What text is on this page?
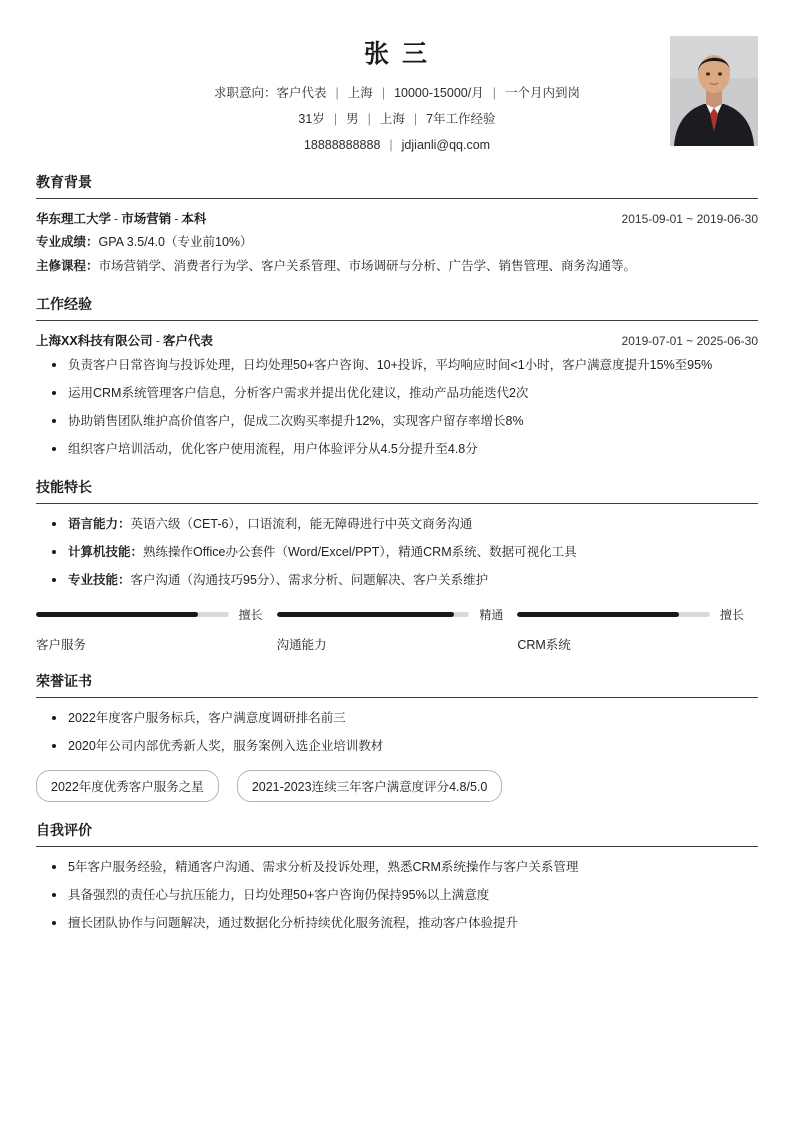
张 三
求职意向：客户代表 | 上海 | 10000-15000/月 | 一个月内到岗
31岁 | 男 | 上海 | 7年工作经验
18888888888 | jdjianli@qq.com
教育背景
华东理工大学 - 市场营销 - 本科	2015-09-01 ~ 2019-06-30
专业成绩：GPA 3.5/4.0（专业前10%）
主修课程：市场营销学、消费者行为学、客户关系管理、市场调研与分析、广告学、销售管理、商务沟通等。
工作经验
上海XX科技有限公司 - 客户代表	2019-07-01 ~ 2025-06-30
负责客户日常咨询与投诉处理，日均处理50+客户咨询、10+投诉，平均响应时间<1小时，客户满意度提升15%至95%
运用CRM系统管理客户信息，分析客户需求并提出优化建议，推动产品功能迭代2次
协助销售团队维护高价值客户，促成二次购买率提升12%，实现客户留存率增长8%
组织客户培训活动，优化客户使用流程，用户体验评分从4.5分提升至4.8分
技能特长
语言能力：英语六级（CET-6），口语流利，能无障碍进行中英文商务沟通
计算机技能：熟练操作Office办公套件（Word/Excel/PPT），精通CRM系统、数据可视化工具
专业技能：客户沟通（沟通技巧95分）、需求分析、问题解决、客户关系维护
擅长
客户服务
精通
沟通能力
擅长
CRM系统
荣誉证书
2022年度客户服务标兵，客户满意度调研排名前三
2020年公司内部优秀新人奖，服务案例入选企业培训教材
2022年度优秀客户服务之星	2021-2023连续三年客户满意度评分4.8/5.0
自我评价
5年客户服务经验，精通客户沟通、需求分析及投诉处理，熟悉CRM系统操作与客户关系管理
具备强烈的责任心与抗压能力，日均处理50+客户咨询仍保持95%以上满意度
擅长团队协作与问题解决，通过数据化分析持续优化服务流程，推动客户体验提升
